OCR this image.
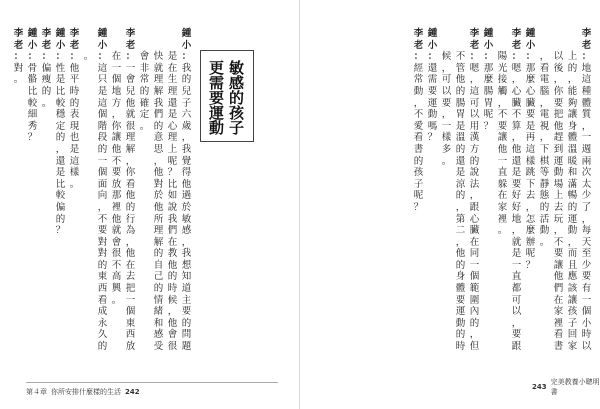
鍾
小
：
我
的
兒
子
六
歲
，
我
覺
得
他
過
於
敏
感
，
我
想
知
道
主
要
的
問
題
是
在
生
理
還
是
心
理
上
呢
？
比
如
說
我
們
在
教
他
的
時
候
，
他
會
很
快
就
理
解
我
們
的
意
思
，
他
對
於
他
所
理
解
的
自
己
的
情
緒
和
感
受
會
非
常
的
確
定
。
李
老
：
一
會
兒
他
就
很
理
解
，
你
看
他
的
行
為
，
他
在
去
把
一
個
東
西
放
在
一
個
地
方
，
你
讓
他
不
要
放
那
裡
他
就
會
很
不
高
興
。
鍾
小
：
這
只
是
這
個
階
段
的
一
個
面
向
，
不
要
對
對
的
東
西
看
成
永
久
的
。
李
老
：
他
平
時
的
表
現
也
是
這
樣
。
鍾
小
：
性
是
比
較
穩
定
的
，
還
是
比
較
偏
的
？
李
老
：
偏
瘦
的
。
鍾
小
：
骨
骼
比
較
細
秀
？
李
老
：
對
。
敏
感
的
孩
子
更
需
要
運
動
第４章 你所安排什麼樣的生活 242
李
老
：
地
這
種
體
質
，
一
週
兩
次
太
少
了
，
每
天
至
少
要
有
一
個
小
時
以
上
的
，
能
夠
讓
身
體
溫
暖
和
滿
暢
的
運
動
，
而
且
應
該
讓
孩
子
回
家
以
後
，
你
要
把
他
趕
到
運
動
場
上
去
玩
，
不
要
讓
他
們
在
家
裡
看
書
，
看
電
腦
，
電
視
，
下
棋
等
靜
態
的
活
動
。
鍾
小
：
那
麼
心
臟
要
是
再
這
樣
跳
下
去
，
怎
麼
辦
呢
？
李
老
：
嗯
，
心
臟
不
算
，
他
還
是
要
好
好
地
，
就
是
一
直
都
可
以
，
要
跟
陽
光
接
觸
，
不
要
讓
他
一
直
躲
在
家
裡
。
鍾
小
：
那
麼
腸
胃
呢
？
李
老
：
嗯
，
這
可
以
用
漢
方
的
說
法
，
跟
心
臟
在
同
一
個
範
圍
內
的
，
但
不
管
他
的
腸
胃
是
溫
的
還
是
涼
的
，
第
二
，
他
的
身
體
要
運
動
的
時
候
，
可
以
要
，
一
樣
多
。
鍾
小
：
還
需
要
運
動
嗎
？
李
老
：
經
常
動
，
不
愛
看
書
的
孩
子
呢
？
243
完美教養小聰明書
